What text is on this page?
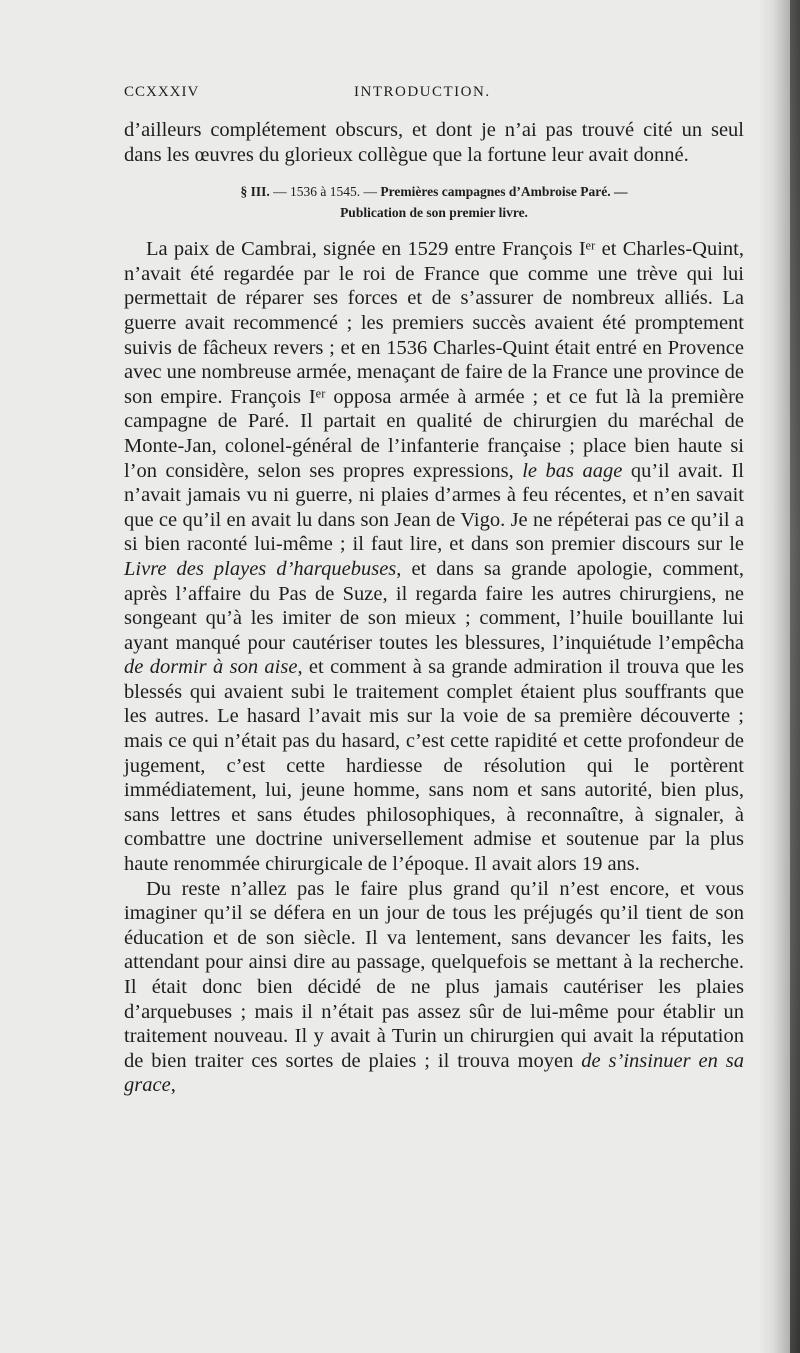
CCXXXIV	INTRODUCTION.

d’ailleurs complétement obscurs, et dont je n’ai pas trouvé cité un seul dans les œuvres du glorieux collègue que la fortune leur avait donné.

§ III. — 1536 à 1545. — Premières campagnes d’Ambroise Paré. —
Publication de son premier livre.

La paix de Cambrai, signée en 1529 entre François Iᵉʳ et Charles-Quint, n’avait été regardée par le roi de France que comme une trève qui lui permettait de réparer ses forces et de s’assurer de nombreux alliés. La guerre avait recommencé ; les premiers succès avaient été promptement suivis de fâcheux revers ; et en 1536 Charles-Quint était entré en Provence avec une nombreuse armée, menaçant de faire de la France une province de son empire. François Iᵉʳ opposa armée à armée ; et ce fut là la première campagne de Paré. Il partait en qualité de chirurgien du maréchal de Monte-Jan, colonel-général de l’infanterie française ; place bien haute si l’on considère, selon ses propres expressions, le bas aage qu’il avait. Il n’avait jamais vu ni guerre, ni plaies d’armes à feu récentes, et n’en savait que ce qu’il en avait lu dans son Jean de Vigo. Je ne répéterai pas ce qu’il a si bien raconté lui-même ; il faut lire, et dans son premier discours sur le Livre des playes d’harquebuses, et dans sa grande apologie, comment, après l’affaire du Pas de Suze, il regarda faire les autres chirurgiens, ne songeant qu’à les imiter de son mieux ; comment, l’huile bouillante lui ayant manqué pour cautériser toutes les blessures, l’inquiétude l’empêcha de dormir à son aise, et comment à sa grande admiration il trouva que les blessés qui avaient subi le traitement complet étaient plus souffrants que les autres. Le hasard l’avait mis sur la voie de sa première découverte ; mais ce qui n’était pas du hasard, c’est cette rapidité et cette profondeur de jugement, c’est cette hardiesse de résolution qui le portèrent immédiatement, lui, jeune homme, sans nom et sans autorité, bien plus, sans lettres et sans études philosophiques, à reconnaître, à signaler, à combattre une doctrine universellement admise et soutenue par la plus haute renommée chirurgicale de l’époque. Il avait alors 19 ans.

Du reste n’allez pas le faire plus grand qu’il n’est encore, et vous imaginer qu’il se défera en un jour de tous les préjugés qu’il tient de son éducation et de son siècle. Il va lentement, sans devancer les faits, les attendant pour ainsi dire au passage, quelquefois se mettant à la recherche. Il était donc bien décidé de ne plus jamais cautériser les plaies d’arquebuses ; mais il n’était pas assez sûr de lui-même pour établir un traitement nouveau. Il y avait à Turin un chirurgien qui avait la réputation de bien traiter ces sortes de plaies ; il trouva moyen de s’insinuer en sa grace,
